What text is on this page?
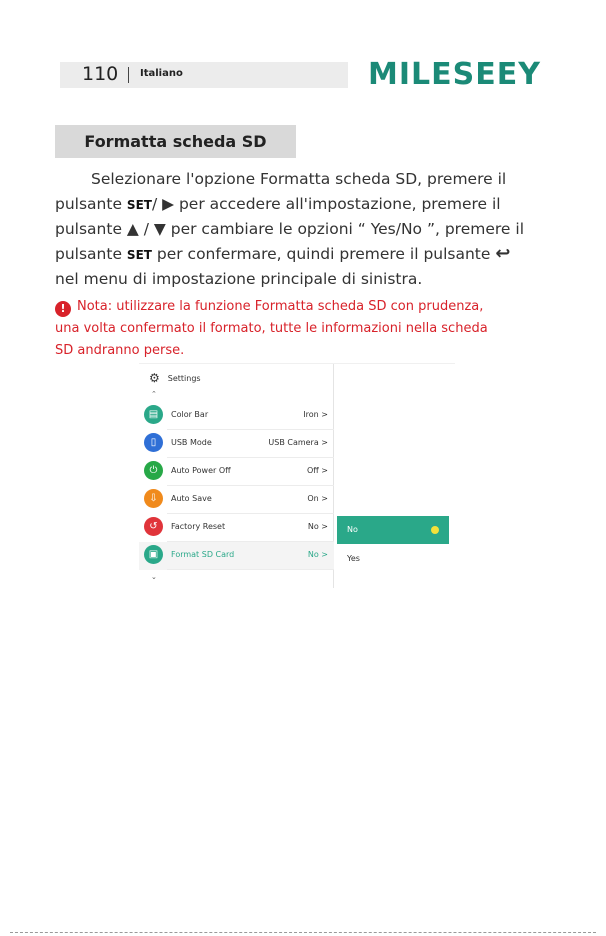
110 Italiano	MILESEEY
Formatta scheda SD
Selezionare l'opzione Formatta scheda SD, premere il
pulsante SET/ ▶ per accedere all'impostazione, premere il
pulsante ▲ / ▼ per cambiare le opzioni “ Yes/No ”, premere il
pulsante SET per confermare, quindi premere il pulsante ↩
nel menu di impostazione principale di sinistra.
! Nota: utilizzare la funzione Formatta scheda SD con prudenza,
una volta confermato il formato, tutte le informazioni nella scheda
SD andranno perse.
⚙ Settings
⌃
▤	Color Bar	Iron >
▯	USB Mode	USB Camera >
⏻	Auto Power Off	Off >
⇩	Auto Save	On >
↺	Factory Reset	No >
▣	Format SD Card	No >
⌄
No
Yes
